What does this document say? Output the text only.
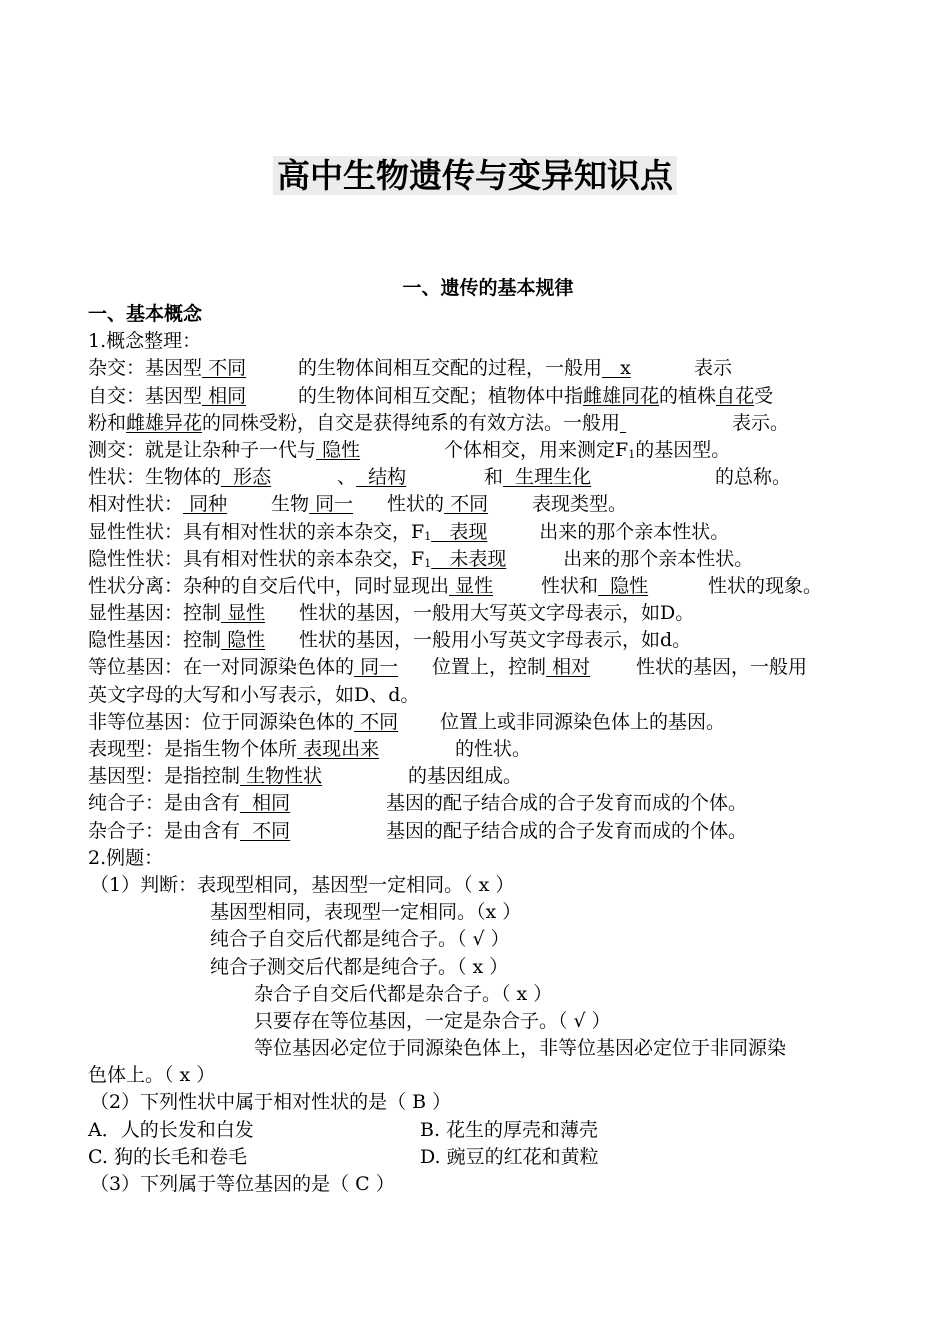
高中生物遗传与变异知识点
一、遗传的基本规律
一、基本概念
1.概念整理：
杂交：基因型 不同	的生物体间相互交配的过程，一般用 x	表示
自交：基因型 相同	的生物体间相互交配；植物体中指雌雄同花的植株自花受
粉和雌雄异花的同株受粉，自交是获得纯系的有效方法。一般用	表示。
测交：就是让杂种子一代与 隐性	个体相交，用来测定$F_1$的基因型。
性状：生物体的 形态	、 结构	和 生理生化	的总称。
相对性状： 同种 生物 同一 性状的 不同 表现类型。
显性性状：具有相对性状的亲本杂交，$F_1$ 表现	出来的那个亲本性状。
隐性性状：具有相对性状的亲本杂交，$F_1$ 未表现	出来的那个亲本性状。
性状分离：杂种的自交后代中，同时显现出 显性	性状和 隐性	性状的现象。
显性基因：控制 显性 性状的基因，一般用大写英文字母表示，如D。
隐性基因：控制 隐性 性状的基因，一般用小写英文字母表示，如d。
等位基因：在一对同源染色体的 同一 位置上，控制 相对 性状的基因，一般用
英文字母的大写和小写表示，如D、d。
非等位基因：位于同源染色体的 不同 位置上或非同源染色体上的基因。
表现型：是指生物个体所 表现出来	的性状。
基因型：是指控制 生物性状	的基因组成。
纯合子：是由含有 相同	基因的配子结合成的合子发育而成的个体。
杂合子：是由含有 不同	基因的配子结合成的合子发育而成的个体。
2.例题：
（1）判断：表现型相同，基因型一定相同。（ x ）
基因型相同，表现型一定相同。（x ）
纯合子自交后代都是纯合子。（ √ ）
纯合子测交后代都是纯合子。（ x ）
杂合子自交后代都是杂合子。（ x ）
只要存在等位基因，一定是杂合子。（ √ ）
等位基因必定位于同源染色体上，非等位基因必定位于非同源染
色体上。（ x ）
（2）下列性状中属于相对性状的是（ B ）
A．人的长发和白发	B. 花生的厚壳和薄壳
C. 狗的长毛和卷毛	D. 豌豆的红花和黄粒
（3）下列属于等位基因的是（ C ）
